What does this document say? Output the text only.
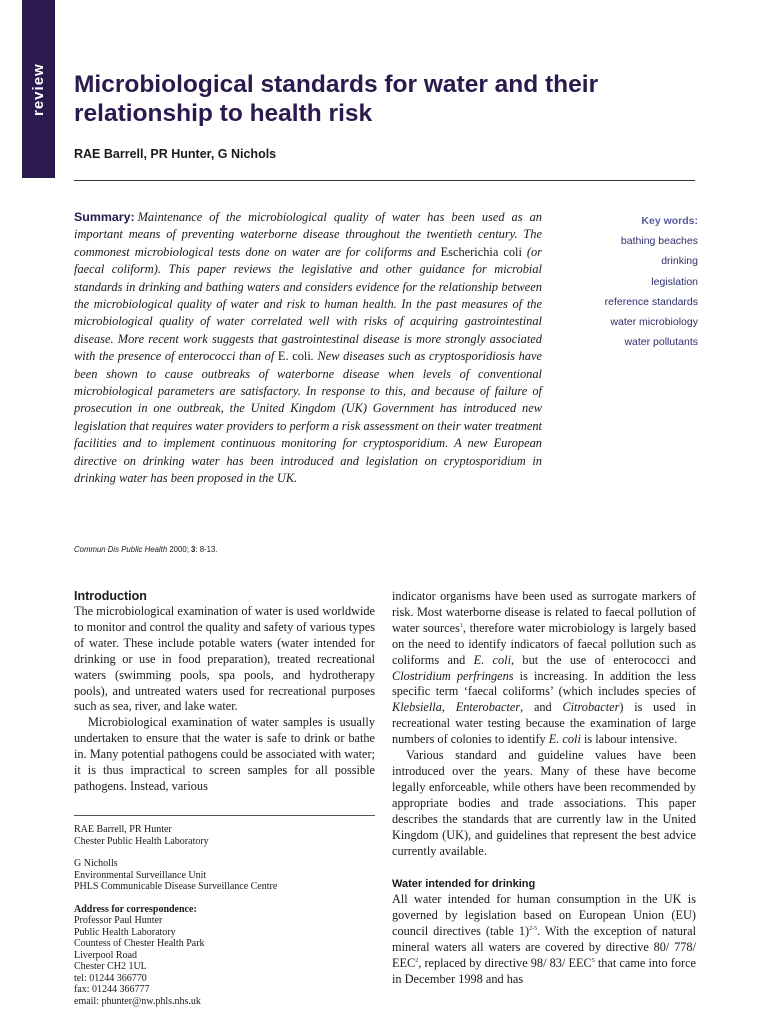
review	Microbiological standards for water and their relationship to health risk
RAE Barrell, PR Hunter, G Nichols
Summary: Maintenance of the microbiological quality of water has been used as an important means of preventing waterborne disease throughout the twentieth century. The commonest microbiological tests done on water are for coliforms and Escherichia coli (or faecal coliform). This paper reviews the legislative and other guidance for microbial standards in drinking and bathing waters and considers evidence for the relationship between the microbiological quality of water and risk to human health. In the past measures of the microbiological quality of water correlated well with risks of acquiring gastrointestinal disease. More recent work suggests that gastrointestinal disease is more strongly associated with the presence of enterococci than of E. coli. New diseases such as cryptosporidiosis have been shown to cause outbreaks of waterborne disease when levels of conventional microbiological parameters are satisfactory. In response to this, and because of failure of prosecution in one outbreak, the United Kingdom (UK) Government has introduced new legislation that requires water providers to perform a risk assessment on their water treatment facilities and to implement continuous monitoring for cryptosporidium. A new European directive on drinking water has been introduced and legislation on cryptosporidium in drinking water has been proposed in the UK.
Key words:
bathing beaches
drinking
legislation
reference standards
water microbiology
water pollutants
Commun Dis Public Health 2000; 3: 8-13.
Introduction

The microbiological examination of water is used worldwide to monitor and control the quality and safety of various types of water. These include potable waters (water intended for drinking or use in food preparation), treated recreational waters (swimming pools, spa pools, and hydrotherapy pools), and untreated waters used for recreational purposes such as sea, river, and lake water.

Microbiological examination of water samples is usually undertaken to ensure that the water is safe to drink or bathe in. Many potential pathogens could be associated with water; it is thus impractical to screen samples for all possible pathogens. Instead, various

RAE Barrell, PR Hunter
Chester Public Health Laboratory
G Nicholls
Environmental Surveillance Unit
PHLS Communicable Disease Surveillance Centre
Address for correspondence:
Professor Paul Hunter
Public Health Laboratory
Countess of Chester Health Park
Liverpool Road
Chester CH2 1UL
tel: 01244 366770
fax: 01244 366777
email: phunter@nw.phls.nhs.uk

indicator organisms have been used as surrogate markers of risk. Most waterborne disease is related to faecal pollution of water sources$^1$, therefore water microbiology is largely based on the need to identify indicators of faecal pollution such as coliforms and E. coli, but the use of enterococci and Clostridium perfringens is increasing. In addition the less specific term ‘faecal coliforms’ (which includes species of Klebsiella, Enterobacter, and Citrobacter) is used in recreational water testing because the examination of large numbers of colonies to identify E. coli is labour intensive.

Various standard and guideline values have been introduced over the years. Many of these have become legally enforceable, while others have been recommended by appropriate bodies and trade associations. This paper describes the standards that are currently law in the United Kingdom (UK), and guidelines that represent the best advice currently available.

Water intended for drinking

All water intended for human consumption in the UK is governed by legislation based on European Union (EU) council directives (table 1)$^{2-5}$. With the exception of natural mineral waters all waters are covered by directive 80/ 778/ EEC$^2$, replaced by directive 98/ 83/ EEC$^5$ that came into force in December 1998 and has
